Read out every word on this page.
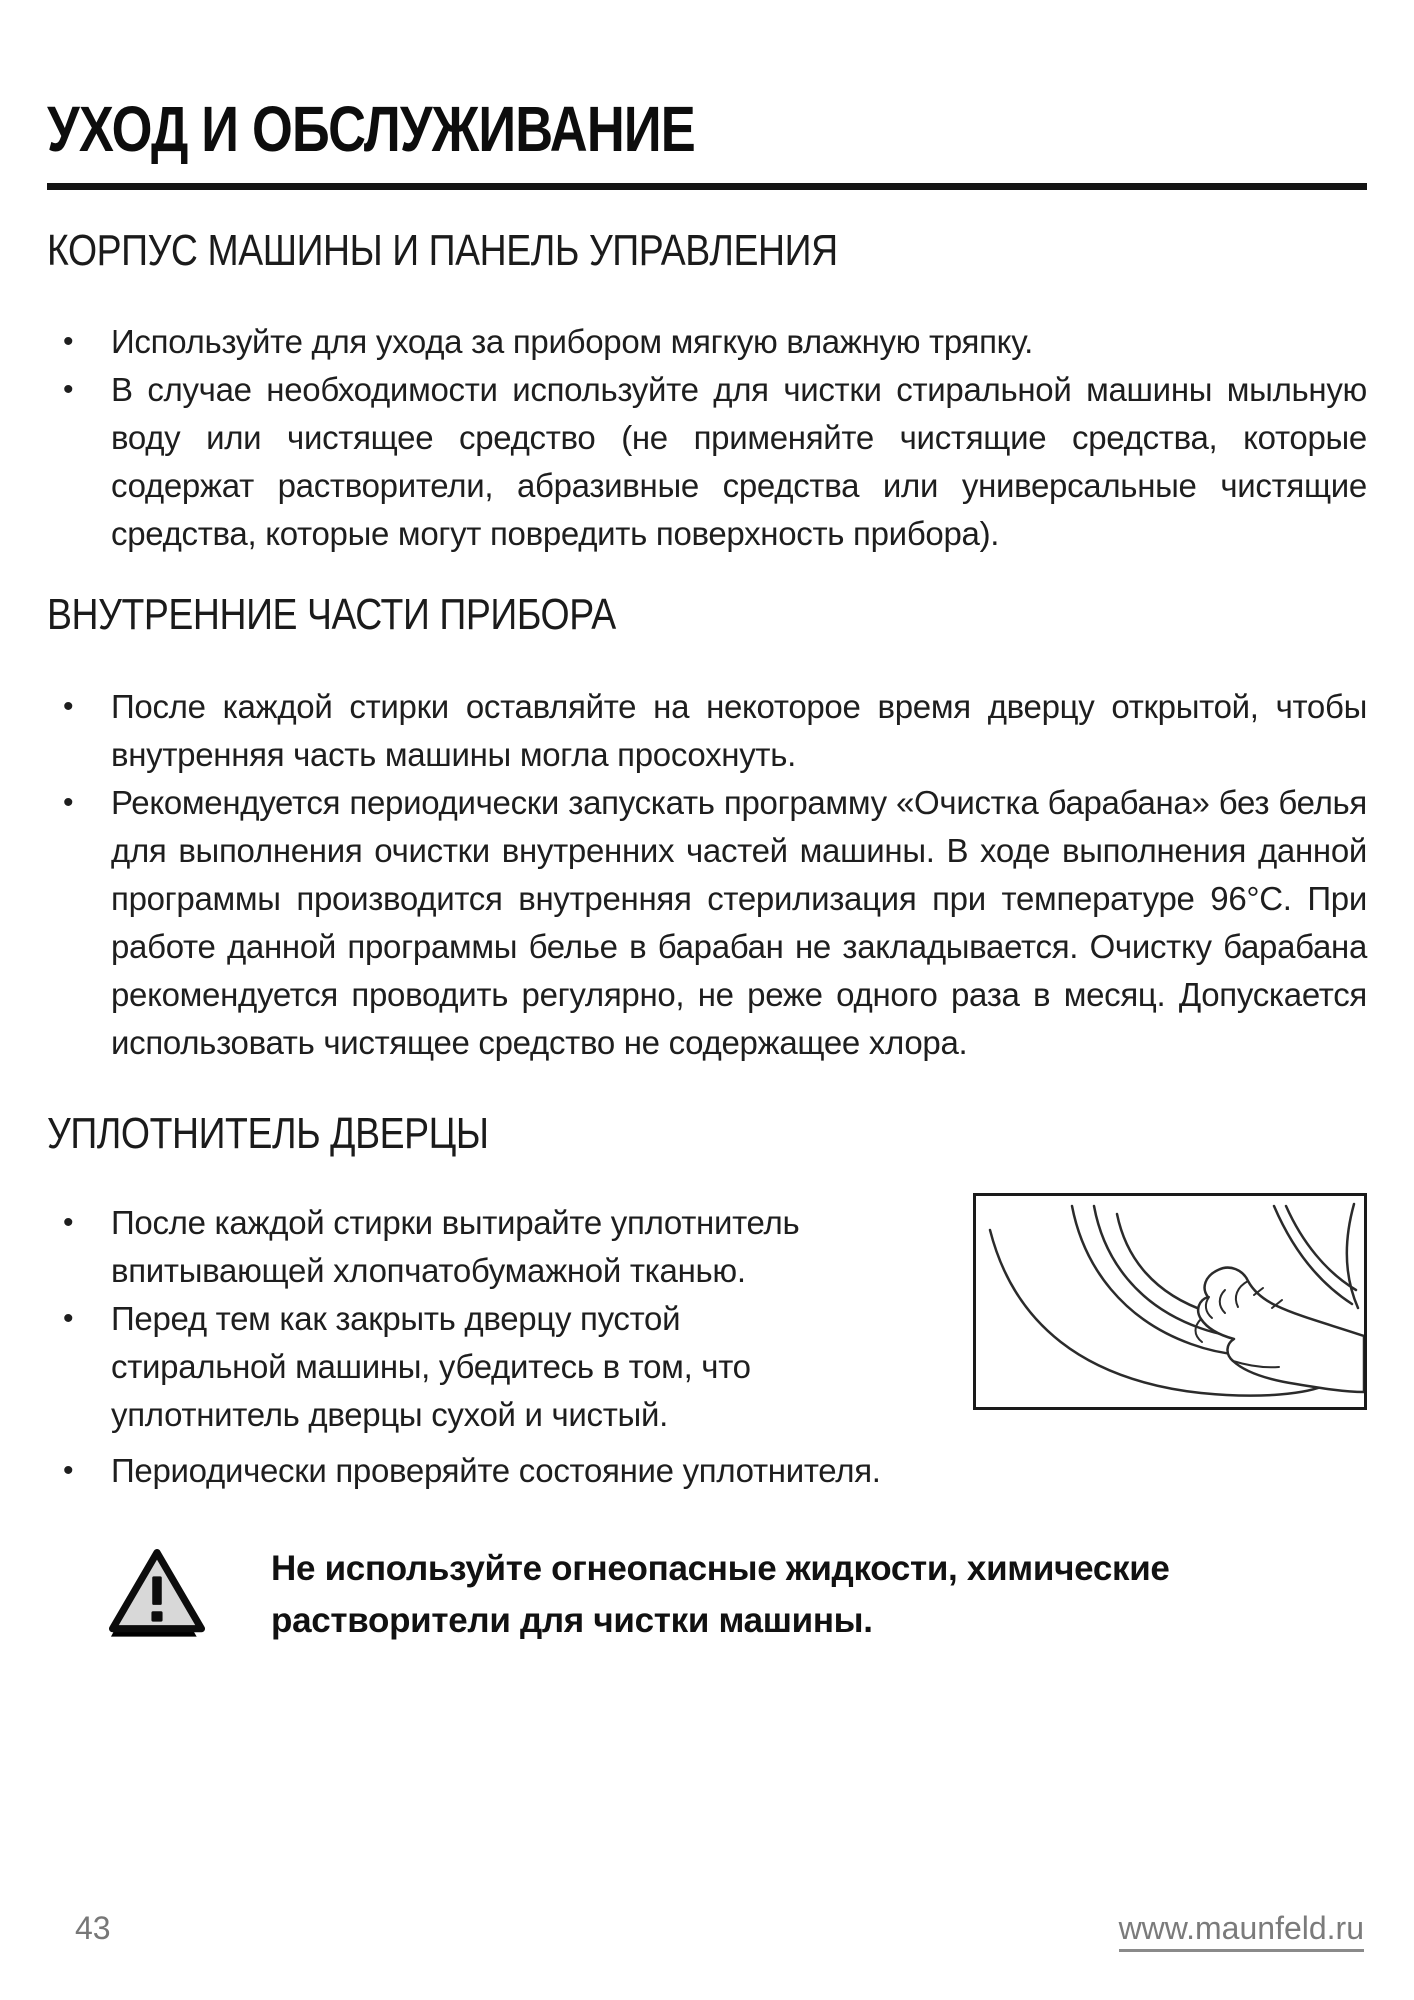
УХОД И ОБСЛУЖИВАНИЕ
КОРПУС МАШИНЫ И ПАНЕЛЬ УПРАВЛЕНИЯ
• Используйте для ухода за прибором мягкую влажную тряпку.
• В случае необходимости используйте для чистки стиральной машины мыльную воду или чистящее средство (не применяйте чистящие средства, которые содержат растворители, абразивные средства или универсальные чистящие средства, которые могут повредить поверхность прибора).
ВНУТРЕННИЕ ЧАСТИ ПРИБОРА
• После каждой стирки оставляйте на некоторое время дверцу открытой, чтобы внутренняя часть машины могла просохнуть.
• Рекомендуется периодически запускать программу «Очистка барабана» без белья для выполнения очистки внутренних частей машины. В ходе выполнения данной программы производится внутренняя стерилизация при температуре 96°С. При работе данной программы белье в барабан не закладывается. Очистку барабана рекомендуется проводить регулярно, не реже одного раза в месяц. Допускается использовать чистящее средство не содержащее хлора.
УПЛОТНИТЕЛЬ ДВЕРЦЫ
• После каждой стирки вытирайте уплотнитель впитывающей хлопчатобумажной тканью.
• Перед тем как закрыть дверцу пустой стиральной машины, убедитесь в том, что уплотнитель дверцы сухой и чистый.
• Периодически проверяйте состояние уплотнителя.
Не используйте огнеопасные жидкости, химические растворители для чистки машины.
43	www.maunfeld.ru
